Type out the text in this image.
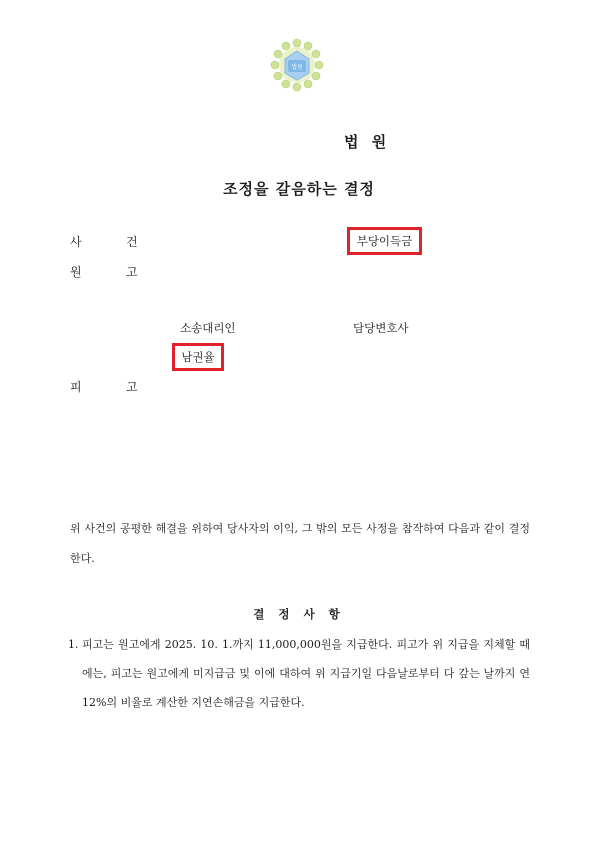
법원
법 원
조정을 갈음하는 결정
사	건	부당이득금
원	고
소송대리인	담당변호사
남권율
피	고
위 사건의 공평한 해결을 위하여 당사자의 이익, 그 밖의 모든 사정을 참작하여 다음과 같이 결정한다.
결 정 사 항
1. 피고는 원고에게 2025. 10. 1.까지 11,000,000원을 지급한다. 피고가 위 지급을 지체할 때에는, 피고는 원고에게 미지급금 및 이에 대하여 위 지급기일 다음날로부터 다 갚는 날까지 연 12%의 비율로 계산한 지연손해금을 지급한다.
